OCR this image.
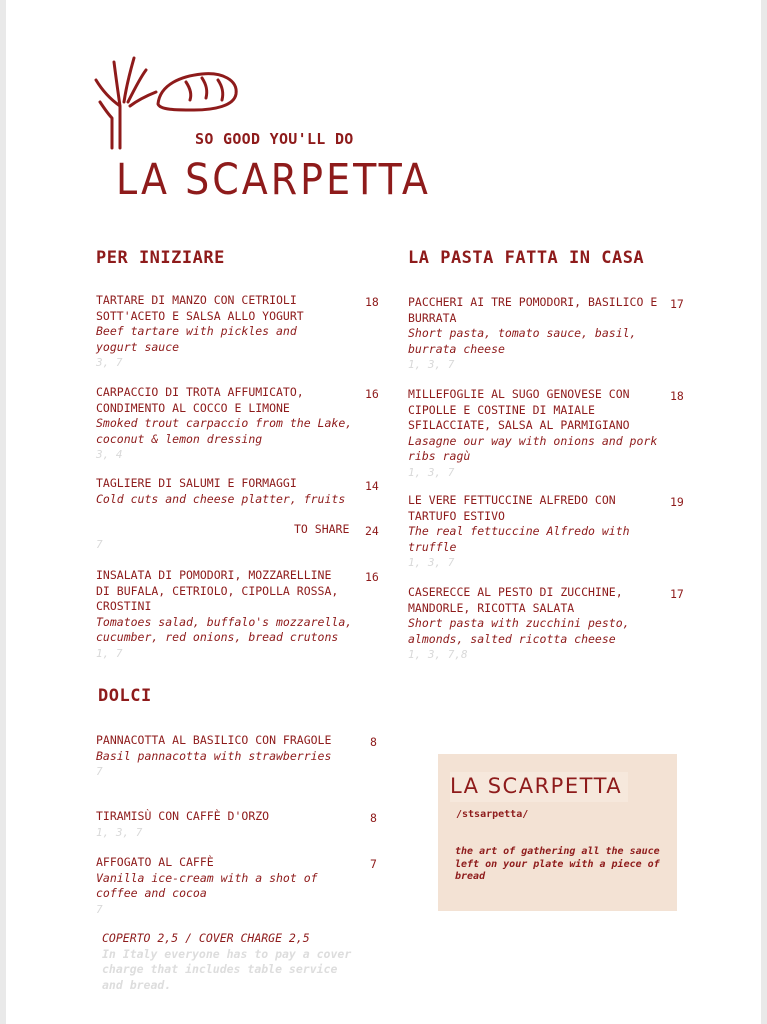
SO GOOD YOU'LL DO
LA SCARPETTA
PER INIZIARE	LA PASTA FATTA IN CASA
DOLCI
TARTARE DI MANZO CON CETRIOLI
SOTT'ACETO E SALSA ALLO YOGURT
Beef tartare with pickles and
yogurt sauce
3, 7
18
CARPACCIO DI TROTA AFFUMICATO,
CONDIMENTO AL COCCO E LIMONE
Smoked trout carpaccio from the Lake,
coconut & lemon dressing
3, 4
16
TAGLIERE DI SALUMI E FORMAGGI
Cold cuts and cheese platter, fruits
7
14
TO SHARE 24
INSALATA DI POMODORI, MOZZARELLINE
DI BUFALA, CETRIOLO, CIPOLLA ROSSA,
CROSTINI
Tomatoes salad, buffalo's mozzarella,
cucumber, red onions, bread crutons
1, 7
16
PACCHERI AI TRE POMODORI, BASILICO E
BURRATA
Short pasta, tomato sauce, basil,
burrata cheese
1, 3, 7
17
MILLEFOGLIE AL SUGO GENOVESE CON
CIPOLLE E COSTINE DI MAIALE
SFILACCIATE, SALSA AL PARMIGIANO
Lasagne our way with onions and pork
ribs ragù
1, 3, 7
18
LE VERE FETTUCCINE ALFREDO CON
TARTUFO ESTIVO
The real fettuccine Alfredo with
truffle
1, 3, 7
19
CASERECCE AL PESTO DI ZUCCHINE,
MANDORLE, RICOTTA SALATA
Short pasta with zucchini pesto,
almonds, salted ricotta cheese
1, 3, 7,8
17
PANNACOTTA AL BASILICO CON FRAGOLE
Basil pannacotta with strawberries
7
8
TIRAMISÙ CON CAFFÈ D'ORZO
1, 3, 7
8
AFFOGATO AL CAFFÈ
Vanilla ice-cream with a shot of
coffee and cocoa
7
7
COPERTO 2,5 / COVER CHARGE 2,5
In Italy everyone has to pay a cover
charge that includes table service
and bread.
LA SCARPETTA
/stsarpetta/
the art of gathering all the sauce
left on your plate with a piece of
bread
